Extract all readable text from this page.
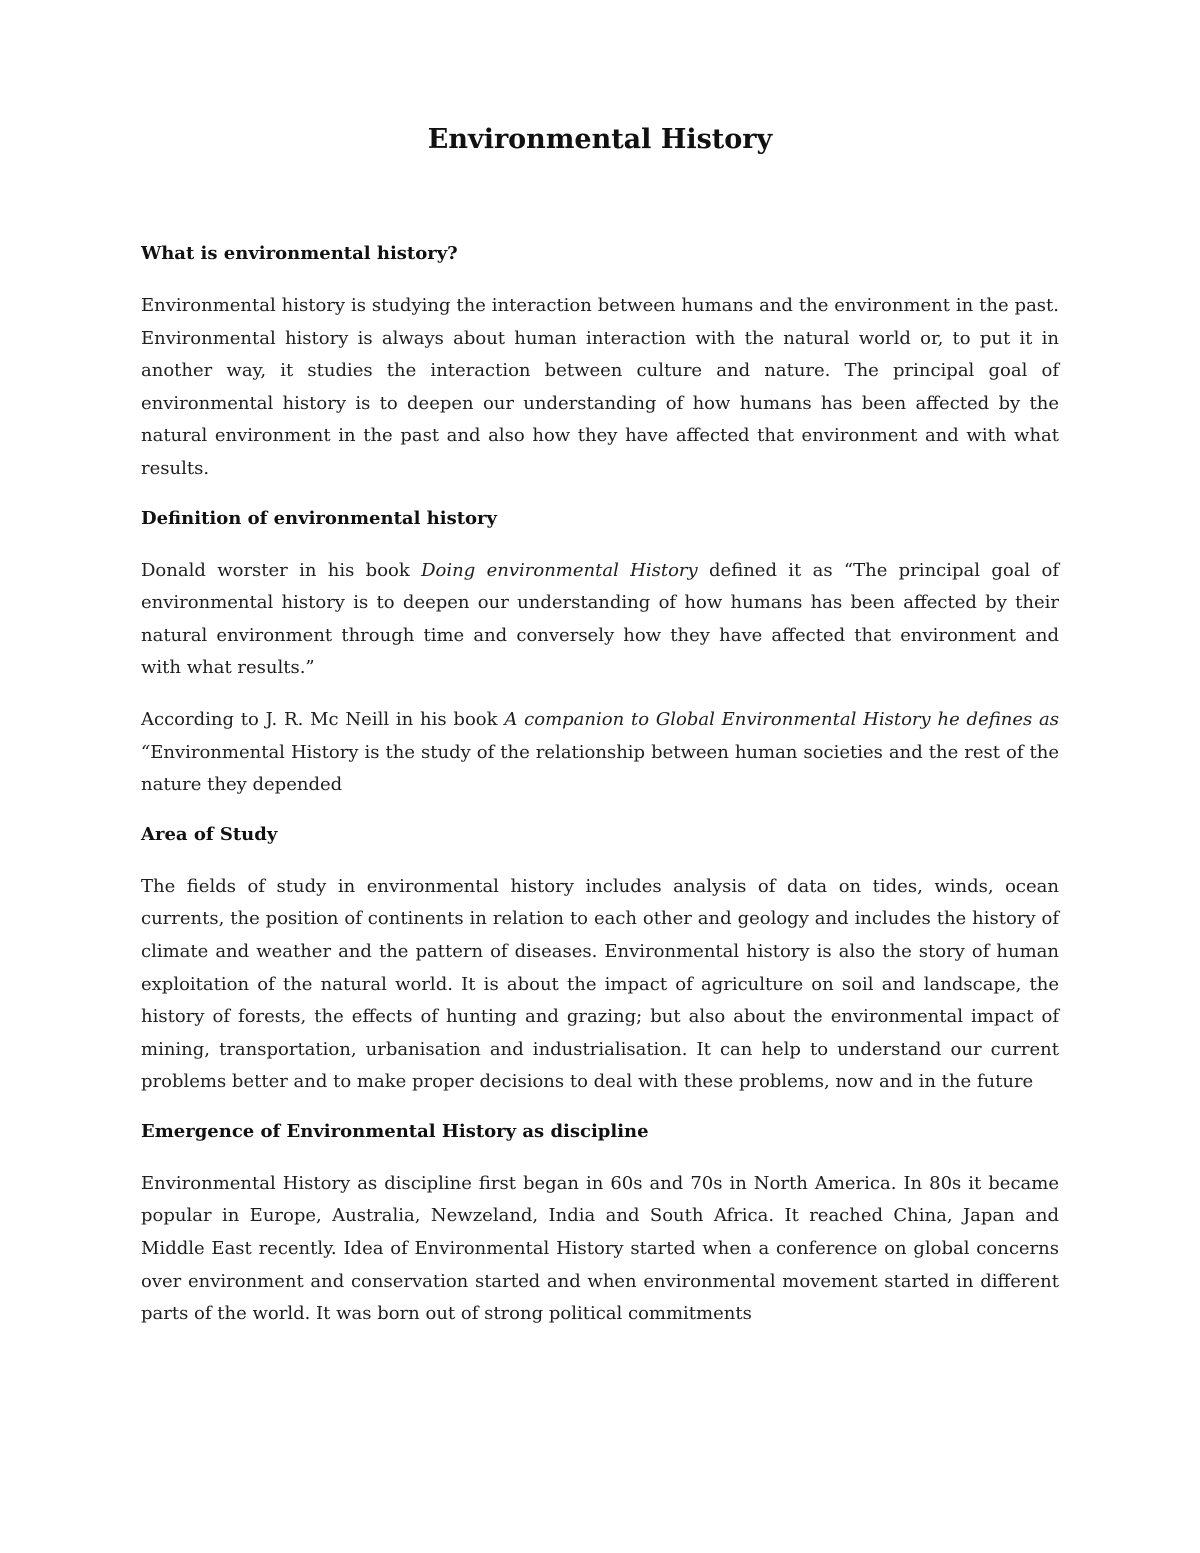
Environmental History
What is environmental history?

Environmental history is studying the interaction between humans and the environment in the past. Environmental history is always about human interaction with the natural world or, to put it in another way, it studies the interaction between culture and nature. The principal goal of environmental history is to deepen our understanding of how humans has been affected by the natural environment in the past and also how they have affected that environment and with what results.

Definition of environmental history

Donald worster in his book Doing environmental History defined it as “The principal goal of environmental history is to deepen our understanding of how humans has been affected by their natural environment through time and conversely how they have affected that environment and with what results.”

According to J. R. Mc Neill in his book A companion to Global Environmental History he defines as “Environmental History is the study of the relationship between human societies and the rest of the nature they depended

Area of Study

The fields of study in environmental history includes analysis of data on tides, winds, ocean currents, the position of continents in relation to each other and geology and includes the history of climate and weather and the pattern of diseases. Environmental history is also the story of human exploitation of the natural world. It is about the impact of agriculture on soil and landscape, the history of forests, the effects of hunting and grazing; but also about the environmental impact of mining, transportation, urbanisation and industrialisation. It can help to understand our current problems better and to make proper decisions to deal with these problems, now and in the future

Emergence of Environmental History as discipline

Environmental History as discipline first began in 60s and 70s in North America. In 80s it became popular in Europe, Australia, Newzeland, India and South Africa. It reached China, Japan and Middle East recently. Idea of Environmental History started when a conference on global concerns over environment and conservation started and when environmental movement started in different parts of the world. It was born out of strong political commitments
